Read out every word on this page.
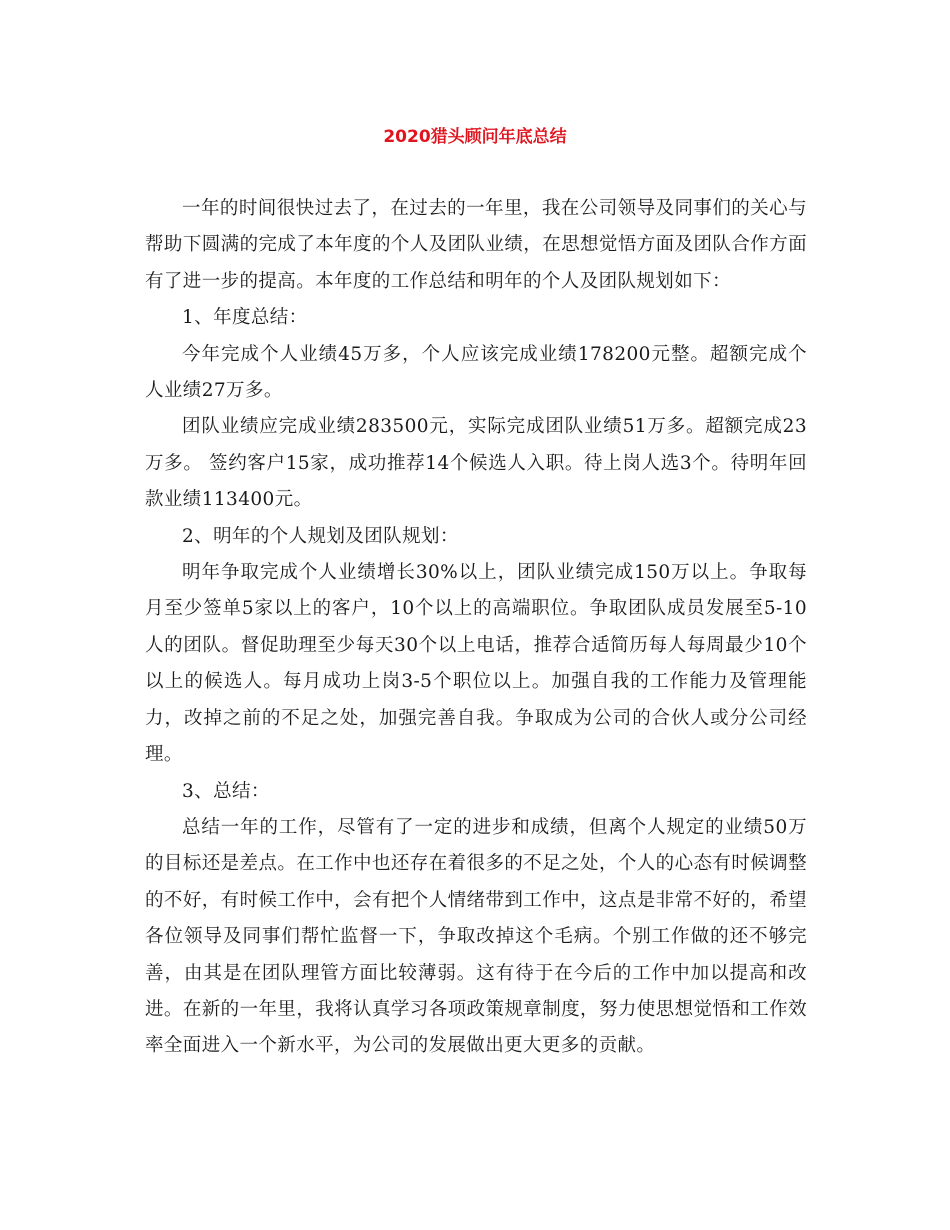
2020猎头顾问年底总结

一年的时间很快过去了，在过去的一年里，我在公司领导及同事们的关心与帮助下圆满的完成了本年度的个人及团队业绩，在思想觉悟方面及团队合作方面有了进一步的提高。本年度的工作总结和明年的个人及团队规划如下：

1、年度总结：

今年完成个人业绩45万多，个人应该完成业绩178200元整。超额完成个人业绩27万多。

团队业绩应完成业绩283500元，实际完成团队业绩51万多。超额完成23万多。 签约客户15家，成功推荐14个候选人入职。待上岗人选3个。待明年回款业绩113400元。

2、明年的个人规划及团队规划：

明年争取完成个人业绩增长30%以上，团队业绩完成150万以上。争取每月至少签单5家以上的客户，10个以上的高端职位。争取团队成员发展至5-10人的团队。督促助理至少每天30个以上电话，推荐合适简历每人每周最少10个以上的候选人。每月成功上岗3-5个职位以上。加强自我的工作能力及管理能力，改掉之前的不足之处，加强完善自我。争取成为公司的合伙人或分公司经理。

3、总结：

总结一年的工作，尽管有了一定的进步和成绩，但离个人规定的业绩50万的目标还是差点。在工作中也还存在着很多的不足之处，个人的心态有时候调整的不好，有时候工作中，会有把个人情绪带到工作中，这点是非常不好的，希望各位领导及同事们帮忙监督一下，争取改掉这个毛病。个别工作做的还不够完善，由其是在团队理管方面比较薄弱。这有待于在今后的工作中加以提高和改进。在新的一年里，我将认真学习各项政策规章制度，努力使思想觉悟和工作效率全面进入一个新水平，为公司的发展做出更大更多的贡献。
